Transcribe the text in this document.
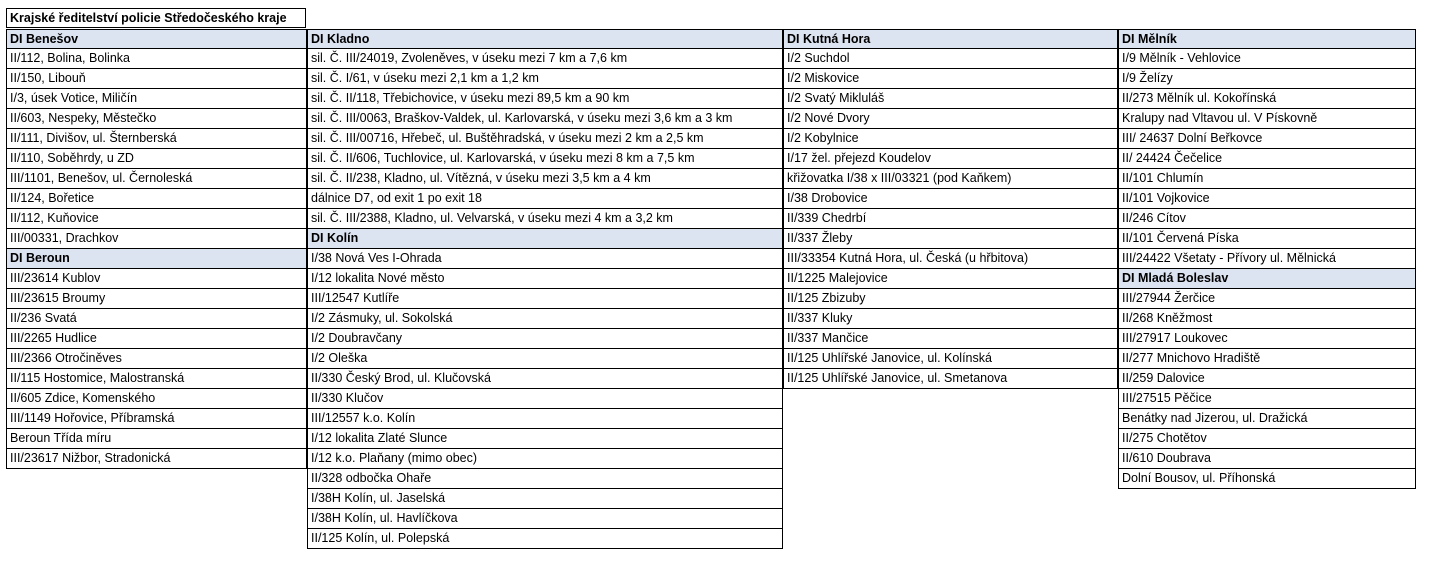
Krajské ředitelství policie Středočeského kraje
DI Benešov
II/112, Bolina, Bolinka
II/150, Libouň
I/3, úsek Votice, Miličín
II/603, Nespeky, Městečko
II/111, Divišov, ul. Šternberská
II/110, Soběhrdy, u ZD
III/1101, Benešov, ul. Černoleská
II/124, Bořetice
II/112, Kuňovice
III/00331, Drachkov
DI Beroun
III/23614 Kublov
III/23615 Broumy
II/236 Svatá
III/2265 Hudlice
III/2366 Otročiněves
II/115 Hostomice, Malostranská
II/605 Zdice, Komenského
III/1149 Hořovice, Příbramská
Beroun Třída míru
III/23617 Nižbor, Stradonická
DI Kladno
sil. Č. III/24019, Zvoleněves, v úseku mezi 7 km a 7,6 km
sil. Č. I/61, v úseku mezi 2,1 km a 1,2 km
sil. Č. II/118, Třebichovice, v úseku mezi 89,5 km a 90 km
sil. Č. III/0063, Braškov-Valdek, ul. Karlovarská, v úseku mezi 3,6 km a 3 km
sil. Č. III/00716, Hřebeč, ul. Buštěhradská, v úseku mezi 2 km a 2,5 km
sil. Č. II/606, Tuchlovice, ul. Karlovarská, v úseku mezi 8 km a 7,5 km
sil. Č. II/238, Kladno, ul. Vítězná, v úseku mezi 3,5 km a 4 km
dálnice D7, od exit 1 po exit 18
sil. Č. III/2388, Kladno, ul. Velvarská, v úseku mezi 4 km a 3,2 km
DI Kolín
I/38 Nová Ves I-Ohrada
I/12 lokalita Nové město
III/12547 Kutlíře
I/2 Zásmuky, ul. Sokolská
I/2 Doubravčany
I/2 Oleška
II/330 Český Brod, ul. Klučovská
II/330 Klučov
III/12557 k.o. Kolín
I/12 lokalita Zlaté Slunce
I/12 k.o. Plaňany (mimo obec)
II/328 odbočka Ohaře
I/38H Kolín, ul. Jaselská
I/38H Kolín, ul. Havlíčkova
II/125 Kolín, ul. Polepská
DI Kutná Hora
I/2 Suchdol
I/2 Miskovice
I/2 Svatý Mikluláš
I/2 Nové Dvory
I/2 Kobylnice
I/17 žel. přejezd Koudelov
křižovatka I/38 x III/03321 (pod Kaňkem)
I/38 Drobovice
II/339 Chedrbí
II/337 Žleby
III/33354 Kutná Hora, ul. Česká (u hřbitova)
II/1225 Malejovice
II/125 Zbizuby
II/337 Kluky
II/337 Mančice
II/125 Uhlířské Janovice, ul. Kolínská
II/125 Uhlířské Janovice, ul. Smetanova
DI Mělník
I/9 Mělník - Vehlovice
I/9 Želízy
II/273 Mělník ul. Kokořínská
Kralupy nad Vltavou ul. V Pískovně
III/ 24637 Dolní Beřkovce
II/ 24424 Čečelice
II/101 Chlumín
II/101 Vojkovice
II/246 Cítov
II/101 Červená Píska
III/24422 Všetaty - Přívory ul. Mělnická
DI Mladá Boleslav
III/27944 Žerčice
II/268 Kněžmost
III/27917 Loukovec
II/277 Mnichovo Hradiště
II/259 Dalovice
III/27515 Pěčice
Benátky nad Jizerou, ul. Dražická
II/275 Chotětov
II/610 Doubrava
Dolní Bousov, ul. Příhonská
